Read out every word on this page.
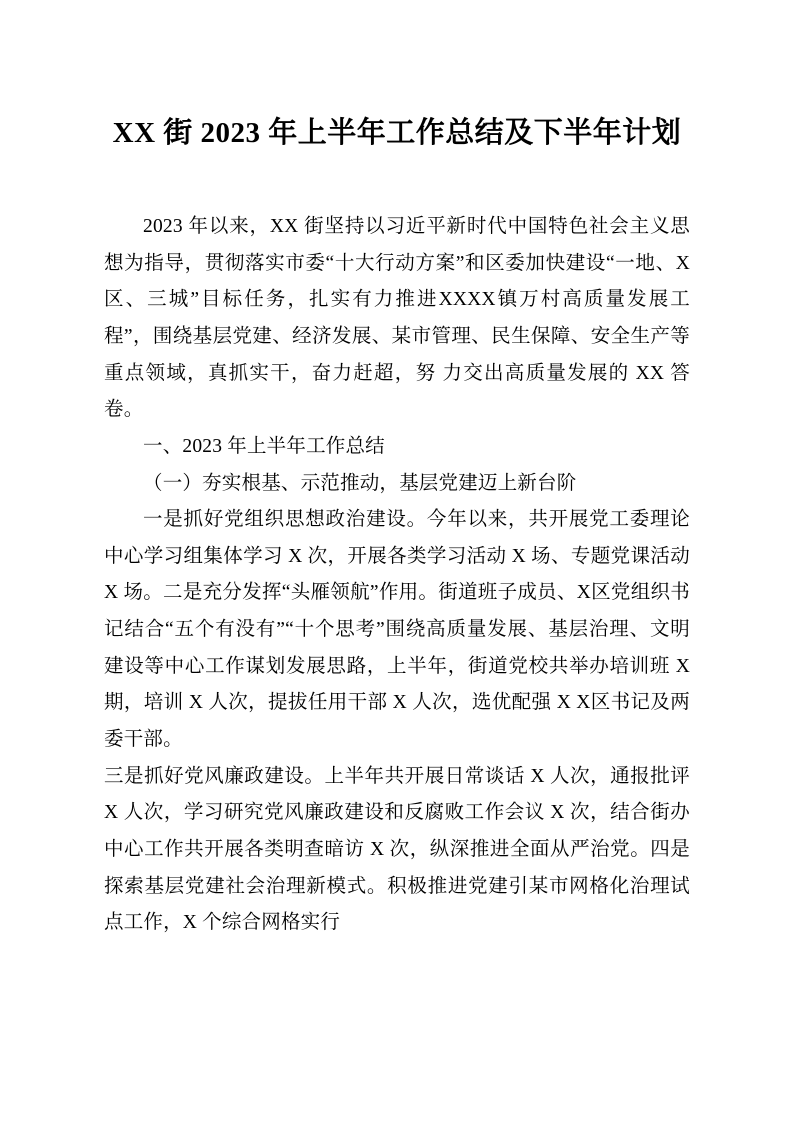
XX 街 2023 年上半年工作总结及下半年计划

2023 年以来，XX 街坚持以习近平新时代中国特色社会主义思想为指导，贯彻落实市委“十大行动方案”和区委加快建设“一地、X区、三城”目标任务，扎实有力推进XXXX镇万村高质量发展工程”，围绕基层党建、经济发展、某市管理、民生保障、安全生产等重点领域，真抓实干，奋力赶超，努 力交出高质量发展的 XX 答卷。

一、2023 年上半年工作总结

（一）夯实根基、示范推动，基层党建迈上新台阶

一是抓好党组织思想政治建设。今年以来，共开展党工委理论中心学习组集体学习 X 次，开展各类学习活动 X 场、专题党课活动 X 场。二是充分发挥“头雁领航”作用。街道班子成员、X区党组织书记结合“五个有没有”“十个思考”围绕高质量发展、基层治理、文明建设等中心工作谋划发展思路，上半年，街道党校共举办培训班 X 期，培训 X 人次，提拔任用干部 X 人次，选优配强 X X区书记及两委干部。

三是抓好党风廉政建设。上半年共开展日常谈话 X 人次，通报批评 X 人次，学习研究党风廉政建设和反腐败工作会议 X 次，结合街办中心工作共开展各类明查暗访 X 次，纵深推进全面从严治党。四是探索基层党建社会治理新模式。积极推进党建引某市网格化治理试点工作，X 个综合网格实行
